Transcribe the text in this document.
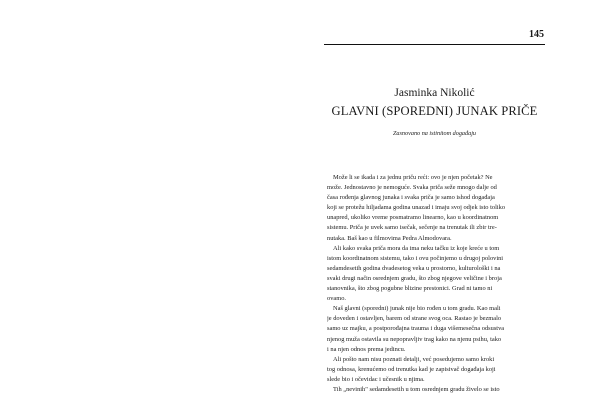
145
Jasminka Nikolić
GLAVNI (SPOREDNI) JUNAK PRIČE
Zasnovano na istinitom događaju
Može li se ikada i za jednu priču reći: ovo je njen početak? Ne
može. Jednostavno je nemoguće. Svaka priča seže mnogo dalje od
časa rođenja glavnog junaka i svaka priča je samo ishod događaja
koji se protežu hiljadama godina unazad i imaju svoj odjek isto toliko
unapred, ukoliko vreme posmatramo linearno, kao u koordinatnom
sistemu. Priča je uvek samo isečak, sečenje na trenutak ili zbir tre-
nutaka. Baš kao u filmovima Pedra Almodovara.
Ali kako svaka priča mora da ima neku tačku iz koje kreće u tom
istom koordinatnom sistemu, tako i ovu počinjemo u drugoj polovini
sedamdesetih godina dvadesetog veka u prostorno, kulturološki i na
svaki drugi način osrednjem gradu, što zbog njegove veličine i broja
stanovnika, što zbog pogubne blizine prestonici. Grad ni tamo ni
ovamo.
Naš glavni (sporedni) junak nije bio rođen u tom gradu. Kao mali
je doveden i ostavljen, barem od strane svog oca. Rastao je bezmalo
samo uz majku, a postporođajna trauma i duga višemesečna odsustva
njenog muža ostavila su nepopravljiv trag kako na njenu psihu, tako
i na njen odnos prema jedincu.
Ali pošto nam nisu poznati detalji, već posedujemo samo kroki
tog odnosa, krenućemo od trenutka kad je zapisivač događaja koji
slede bio i očevidac i učesnik u njima.
Tih „nevinih" sedamdesetih u tom osrednjem gradu živelo se isto
